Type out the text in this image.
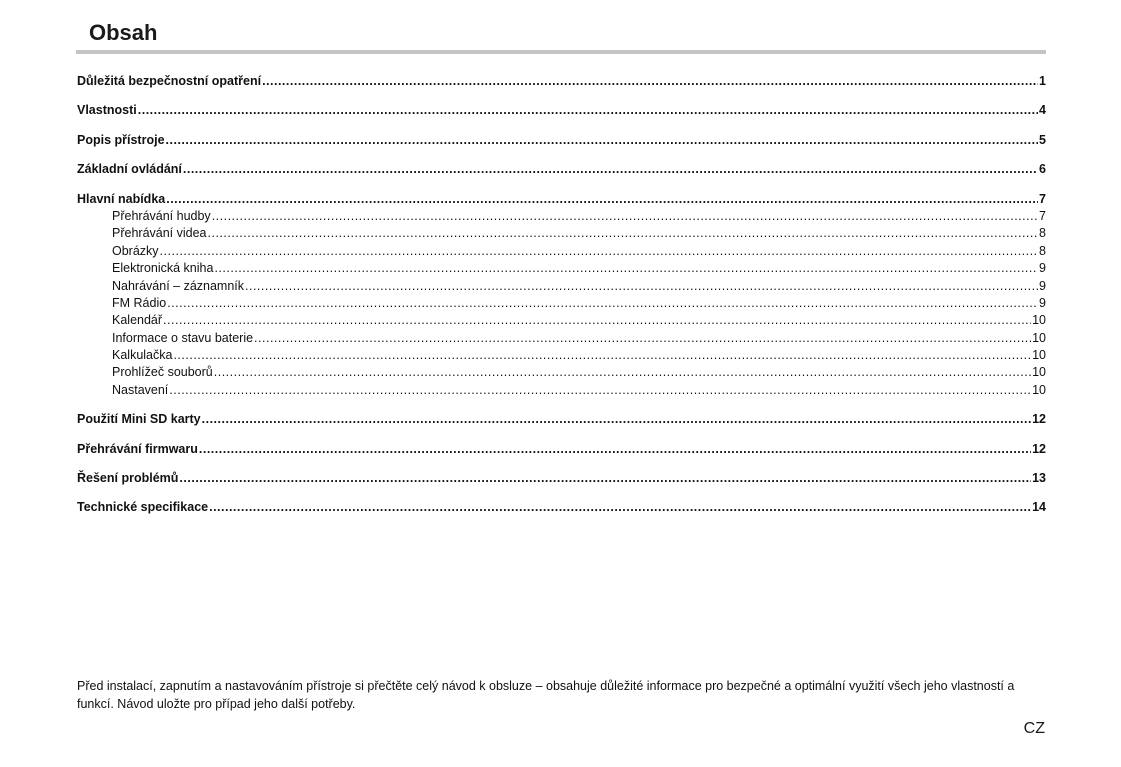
Obsah
Důležitá bezpečnostní opatření .....	1
Vlastnosti .....	4
Popis přístroje .....	5
Základní ovládání .....	6
Hlavní nabídka .....	7
Přehrávání hudby .....	7
Přehrávání videa .....	8
Obrázky .....	8
Elektronická kniha .....	9
Nahrávání – záznamník .....	9
FM Rádio .....	9
Kalendář .....	10
Informace o stavu baterie .....	10
Kalkulačka .....	10
Prohlížeč souborů .....	10
Nastavení .....	10
Použití Mini SD karty .....	12
Přehrávání firmwaru .....	12
Řešení problémů .....	13
Technické specifikace .....	14
Před instalací, zapnutím a nastavováním přístroje si přečtěte celý návod k obsluze – obsahuje důležité informace pro bezpečné a optimální využití všech jeho vlastností a funkcí. Návod uložte pro případ jeho další potřeby.
CZ
